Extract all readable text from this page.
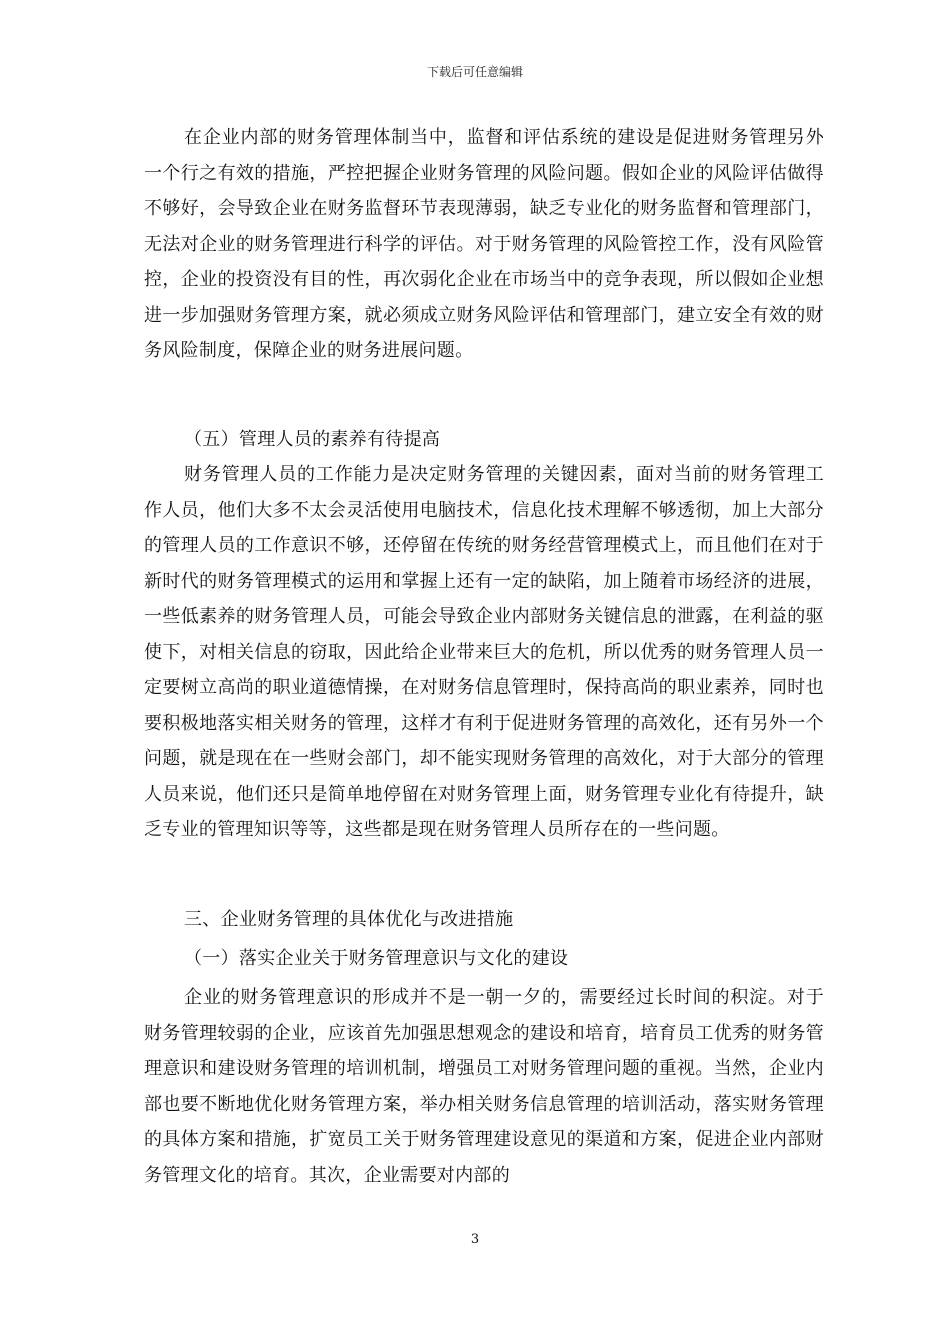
下载后可任意编辑

在企业内部的财务管理体制当中，监督和评估系统的建设是促进财务管理另外一个行之有效的措施，严控把握企业财务管理的风险问题。假如企业的风险评估做得不够好，会导致企业在财务监督环节表现薄弱，缺乏专业化的财务监督和管理部门，无法对企业的财务管理进行科学的评估。对于财务管理的风险管控工作，没有风险管控，企业的投资没有目的性，再次弱化企业在市场当中的竞争表现，所以假如企业想进一步加强财务管理方案，就必须成立财务风险评估和管理部门，建立安全有效的财务风险制度，保障企业的财务进展问题。

（五）管理人员的素养有待提高

财务管理人员的工作能力是决定财务管理的关键因素，面对当前的财务管理工作人员，他们大多不太会灵活使用电脑技术，信息化技术理解不够透彻，加上大部分的管理人员的工作意识不够，还停留在传统的财务经营管理模式上，而且他们在对于新时代的财务管理模式的运用和掌握上还有一定的缺陷，加上随着市场经济的进展，一些低素养的财务管理人员，可能会导致企业内部财务关键信息的泄露，在利益的驱使下，对相关信息的窃取，因此给企业带来巨大的危机，所以优秀的财务管理人员一定要树立高尚的职业道德情操，在对财务信息管理时，保持高尚的职业素养，同时也要积极地落实相关财务的管理，这样才有利于促进财务管理的高效化，还有另外一个问题，就是现在在一些财会部门，却不能实现财务管理的高效化，对于大部分的管理人员来说，他们还只是简单地停留在对财务管理上面，财务管理专业化有待提升，缺乏专业的管理知识等等，这些都是现在财务管理人员所存在的一些问题。

三、企业财务管理的具体优化与改进措施

（一）落实企业关于财务管理意识与文化的建设

企业的财务管理意识的形成并不是一朝一夕的，需要经过长时间的积淀。对于财务管理较弱的企业，应该首先加强思想观念的建设和培育，培育员工优秀的财务管理意识和建设财务管理的培训机制，增强员工对财务管理问题的重视。当然，企业内部也要不断地优化财务管理方案，举办相关财务信息管理的培训活动，落实财务管理的具体方案和措施，扩宽员工关于财务管理建设意见的渠道和方案，促进企业内部财务管理文化的培育。其次，企业需要对内部的

3
